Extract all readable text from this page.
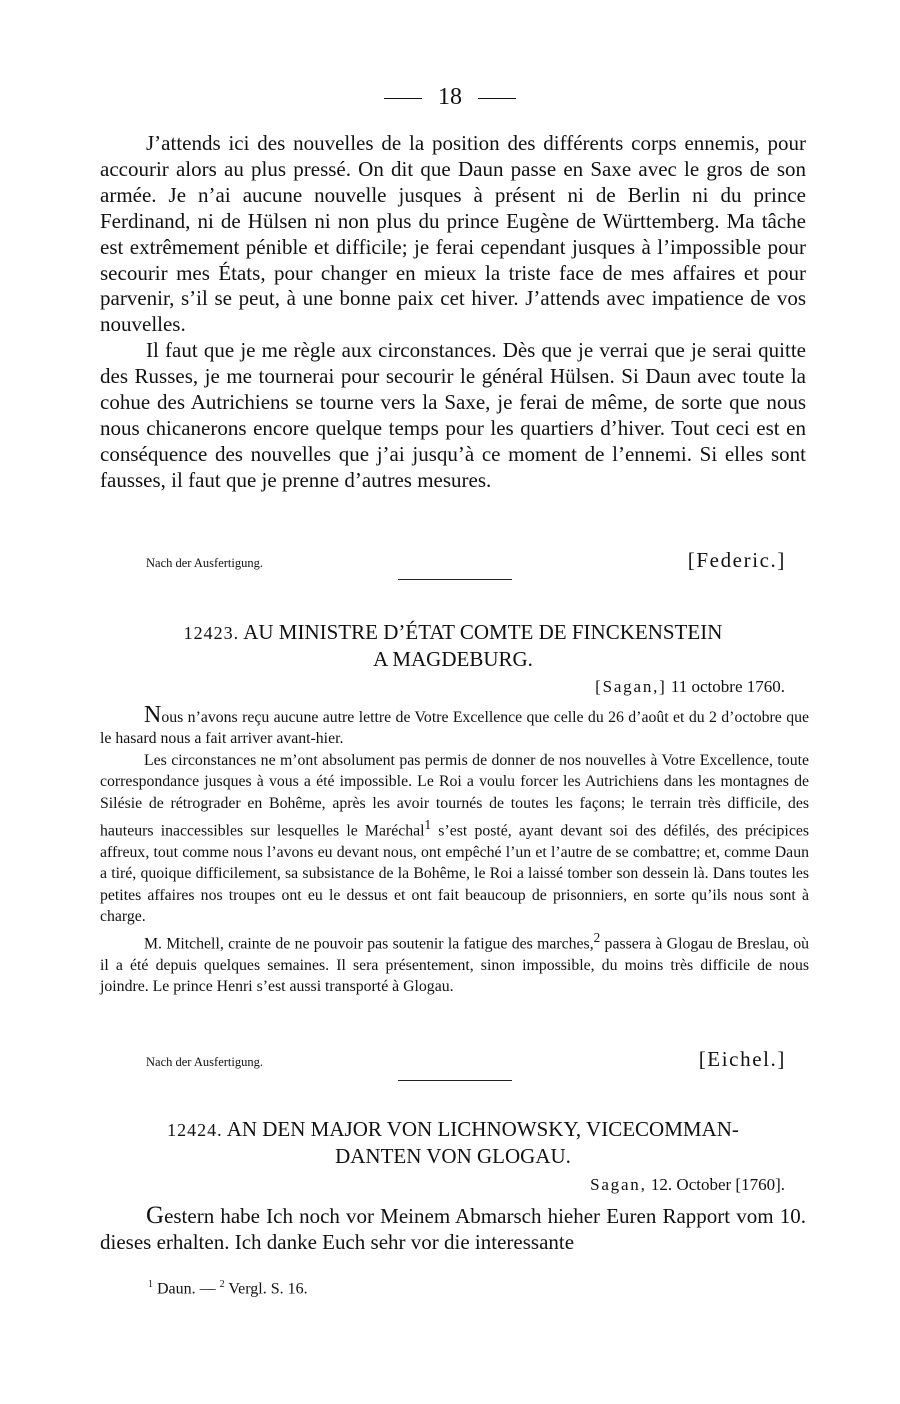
18

J’attends ici des nouvelles de la position des différents corps ennemis, pour accourir alors au plus pressé. On dit que Daun passe en Saxe avec le gros de son armée. Je n’ai aucune nouvelle jusques à présent ni de Berlin ni du prince Ferdinand, ni de Hülsen ni non plus du prince Eugène de Württemberg. Ma tâche est extrêmement pénible et difficile; je ferai cependant jusques à l’impossible pour secourir mes États, pour changer en mieux la triste face de mes affaires et pour parvenir, s’il se peut, à une bonne paix cet hiver. J’attends avec impatience de vos nouvelles.

Il faut que je me règle aux circonstances. Dès que je verrai que je serai quitte des Russes, je me tournerai pour secourir le général Hülsen. Si Daun avec toute la cohue des Autrichiens se tourne vers la Saxe, je ferai de même, de sorte que nous nous chicanerons encore quelque temps pour les quartiers d’hiver. Tout ceci est en conséquence des nouvelles que j’ai jusqu’à ce moment de l’ennemi. Si elles sont fausses, il faut que je prenne d’autres mesures.

Nach der Ausfertigung.	[Federic.]
12423. AU MINISTRE D’ÉTAT COMTE DE FINCKENSTEIN
A MAGDEBURG.
[Sagan,] 11 octobre 1760.

Nous n’avons reçu aucune autre lettre de Votre Excellence que celle du 26 d’août et du 2 d’octobre que le hasard nous a fait arriver avant-hier.

Les circonstances ne m’ont absolument pas permis de donner de nos nouvelles à Votre Excellence, toute correspondance jusques à vous a été impossible. Le Roi a voulu forcer les Autrichiens dans les montagnes de Silésie de rétrograder en Bohême, après les avoir tournés de toutes les façons; le terrain très difficile, des hauteurs inaccessibles sur lesquelles le Maréchal$^1$ s’est posté, ayant devant soi des défilés, des précipices affreux, tout comme nous l’avons eu devant nous, ont empêché l’un et l’autre de se combattre; et, comme Daun a tiré, quoique difficilement, sa subsistance de la Bohême, le Roi a laissé tomber son dessein là. Dans toutes les petites affaires nos troupes ont eu le dessus et ont fait beaucoup de prisonniers, en sorte qu’ils nous sont à charge.

M. Mitchell, crainte de ne pouvoir pas soutenir la fatigue des marches,$^2$ passera à Glogau de Breslau, où il a été depuis quelques semaines. Il sera présentement, sinon impossible, du moins très difficile de nous joindre. Le prince Henri s’est aussi transporté à Glogau.

Nach der Ausfertigung.	[Eichel.]
12424. AN DEN MAJOR VON LICHNOWSKY, VICECOMMAN-
DANTEN VON GLOGAU.
Sagan, 12. October [1760].

Gestern habe Ich noch vor Meinem Abmarsch hieher Euren Rapport vom 10. dieses erhalten. Ich danke Euch sehr vor die interessante

$^1$ Daun. — $^2$ Vergl. S. 16.
